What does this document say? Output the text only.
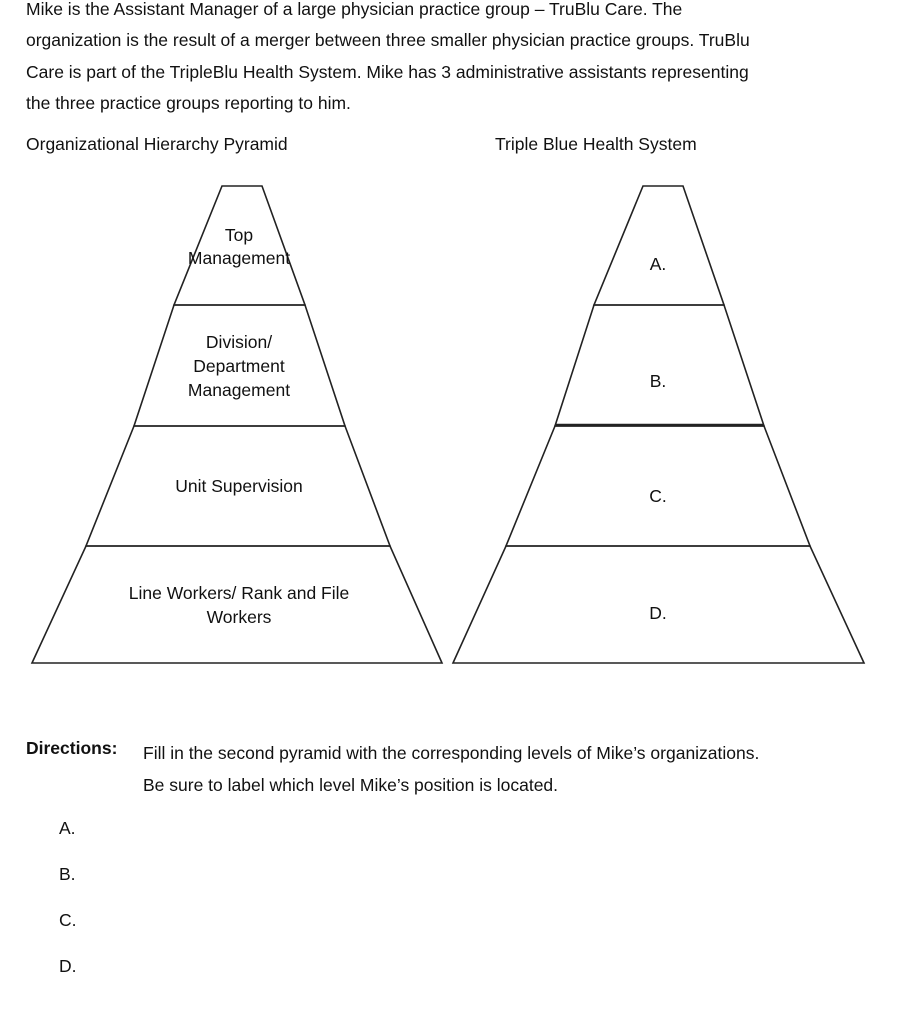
Mike is the Assistant Manager of a large physician practice group – TruBlu Care. The
organization is the result of a merger between three smaller physician practice groups. TruBlu
Care is part of the TripleBlu Health System. Mike has 3 administrative assistants representing
the three practice groups reporting to him.
Organizational Hierarchy Pyramid	Triple Blue Health System
Top
Management
Division/
Department
Management
Unit Supervision
Line Workers/ Rank and File
Workers
A.
B.
C.
D.
Directions: Fill in the second pyramid with the corresponding levels of Mike’s organizations.
Be sure to label which level Mike’s position is located.
A.
B.
C.
D.
